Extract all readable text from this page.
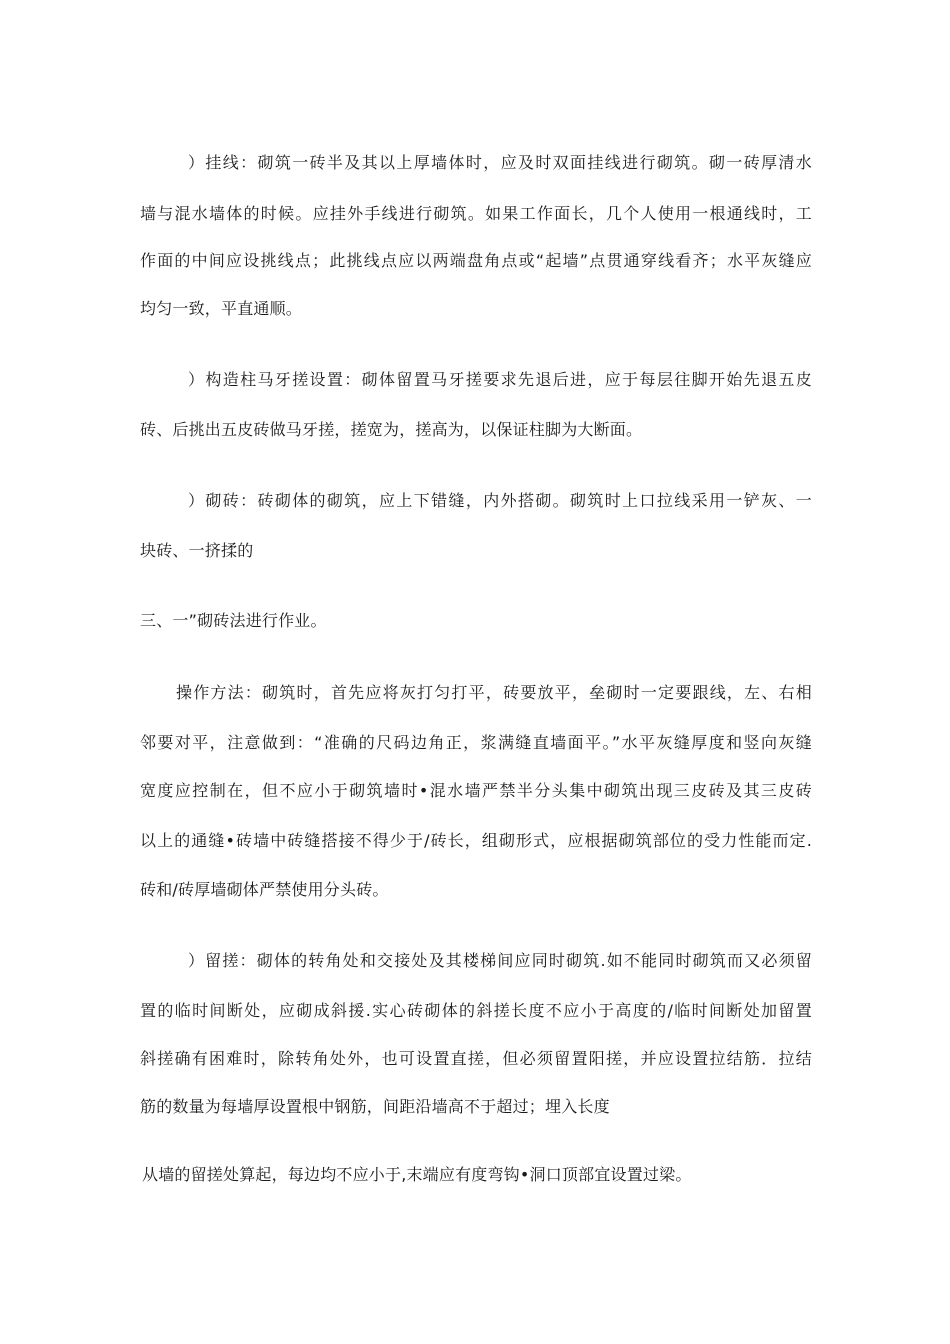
）挂线：砌筑一砖半及其以上厚墙体时，应及时双面挂线进行砌筑。砌一砖厚清水
墙与混水墙体的时候。应挂外手线进行砌筑。如果工作面长，几个人使用一根通线时，工
作面的中间应设挑线点；此挑线点应以两端盘角点或“起墙”点贯通穿线看齐；水平灰缝应
均匀一致，平直通顺。
）构造柱马牙搓设置：砌体留置马牙搓要求先退后进，应于每层往脚开始先退五皮
砖、后挑出五皮砖做马牙搓，搓宽为，搓高为，以保证柱脚为大断面。
）砌砖：砖砌体的砌筑，应上下错缝，内外搭砌。砌筑时上口拉线采用一铲灰、一
块砖、一挤揉的
三、一”砌砖法进行作业。
操作方法：砌筑时，首先应将灰打匀打平，砖要放平，垒砌时一定要跟线，左、右相
邻要对平，注意做到：“准确的尺码边角正，浆满缝直墙面平。”水平灰缝厚度和竖向灰缝
宽度应控制在，但不应小于砌筑墙时•混水墙严禁半分头集中砌筑出现三皮砖及其三皮砖
以上的通缝•砖墙中砖缝搭接不得少于/砖长，组砌形式，应根据砌筑部位的受力性能而定.
砖和/砖厚墙砌体严禁使用分头砖。
）留搓：砌体的转角处和交接处及其楼梯间应同时砌筑.如不能同时砌筑而又必须留
置的临时间断处，应砌成斜援.实心砖砌体的斜搓长度不应小于高度的/临时间断处加留置
斜搓确有困难时，除转角处外，也可设置直搓，但必须留置阳搓，并应设置拉结筋．拉结
筋的数量为每墙厚设置根中钢筋，间距沿墙高不于超过；埋入长度
从墙的留搓处算起，每边均不应小于,末端应有度弯钩•洞口顶部宜设置过梁。
